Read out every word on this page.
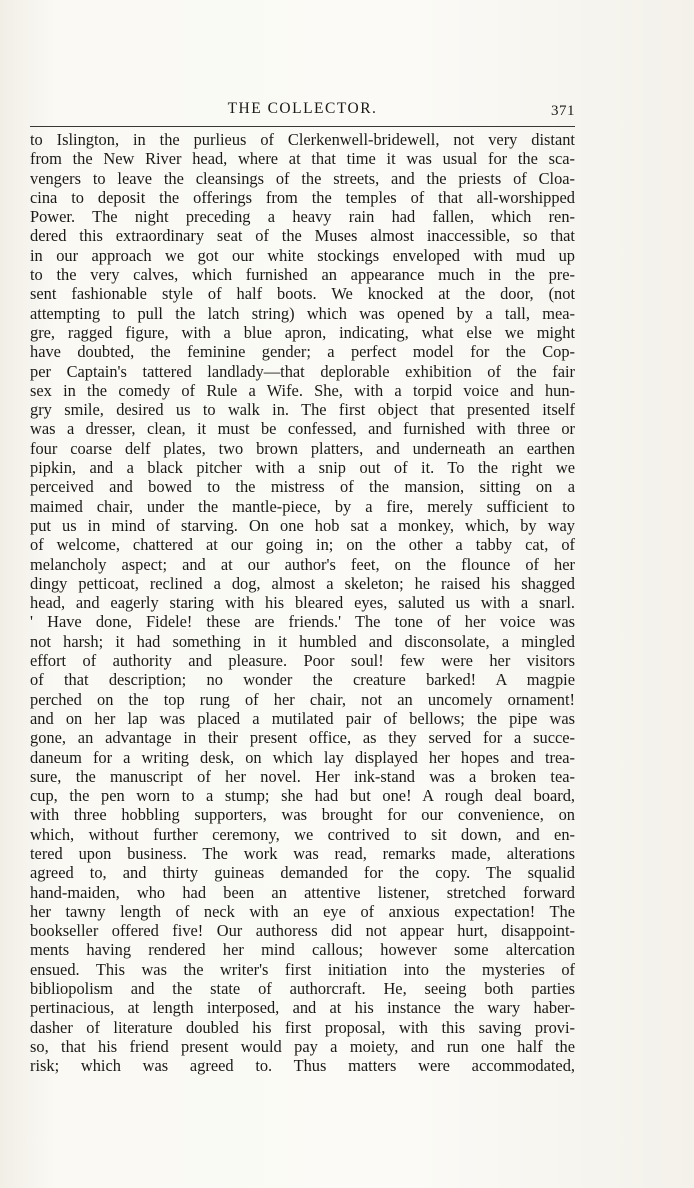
THE COLLECTOR.	371
to Islington, in the purlieus of Clerkenwell-bridewell, not very distant
from the New River head, where at that time it was usual for the sca-
vengers to leave the cleansings of the streets, and the priests of Cloa-
cina to deposit the offerings from the temples of that all-worshipped
Power. The night preceding a heavy rain had fallen, which ren-
dered this extraordinary seat of the Muses almost inaccessible, so that
in our approach we got our white stockings enveloped with mud up
to the very calves, which furnished an appearance much in the pre-
sent fashionable style of half boots. We knocked at the door, (not
attempting to pull the latch string) which was opened by a tall, mea-
gre, ragged figure, with a blue apron, indicating, what else we might
have doubted, the feminine gender; a perfect model for the Cop-
per Captain's tattered landlady—that deplorable exhibition of the fair
sex in the comedy of Rule a Wife. She, with a torpid voice and hun-
gry smile, desired us to walk in. The first object that presented itself
was a dresser, clean, it must be confessed, and furnished with three or
four coarse delf plates, two brown platters, and underneath an earthen
pipkin, and a black pitcher with a snip out of it. To the right we
perceived and bowed to the mistress of the mansion, sitting on a
maimed chair, under the mantle-piece, by a fire, merely sufficient to
put us in mind of starving. On one hob sat a monkey, which, by way
of welcome, chattered at our going in; on the other a tabby cat, of
melancholy aspect; and at our author's feet, on the flounce of her
dingy petticoat, reclined a dog, almost a skeleton; he raised his shagged
head, and eagerly staring with his bleared eyes, saluted us with a snarl.
' Have done, Fidele! these are friends.' The tone of her voice was
not harsh; it had something in it humbled and disconsolate, a mingled
effort of authority and pleasure. Poor soul! few were her visitors
of that description; no wonder the creature barked! A magpie
perched on the top rung of her chair, not an uncomely ornament!
and on her lap was placed a mutilated pair of bellows; the pipe was
gone, an advantage in their present office, as they served for a succe-
daneum for a writing desk, on which lay displayed her hopes and trea-
sure, the manuscript of her novel. Her ink-stand was a broken tea-
cup, the pen worn to a stump; she had but one! A rough deal board,
with three hobbling supporters, was brought for our convenience, on
which, without further ceremony, we contrived to sit down, and en-
tered upon business. The work was read, remarks made, alterations
agreed to, and thirty guineas demanded for the copy. The squalid
hand-maiden, who had been an attentive listener, stretched forward
her tawny length of neck with an eye of anxious expectation! The
bookseller offered five! Our authoress did not appear hurt, disappoint-
ments having rendered her mind callous; however some altercation
ensued. This was the writer's first initiation into the mysteries of
bibliopolism and the state of authorcraft. He, seeing both parties
pertinacious, at length interposed, and at his instance the wary haber-
dasher of literature doubled his first proposal, with this saving provi-
so, that his friend present would pay a moiety, and run one half the
risk; which was agreed to. Thus matters were accommodated,
